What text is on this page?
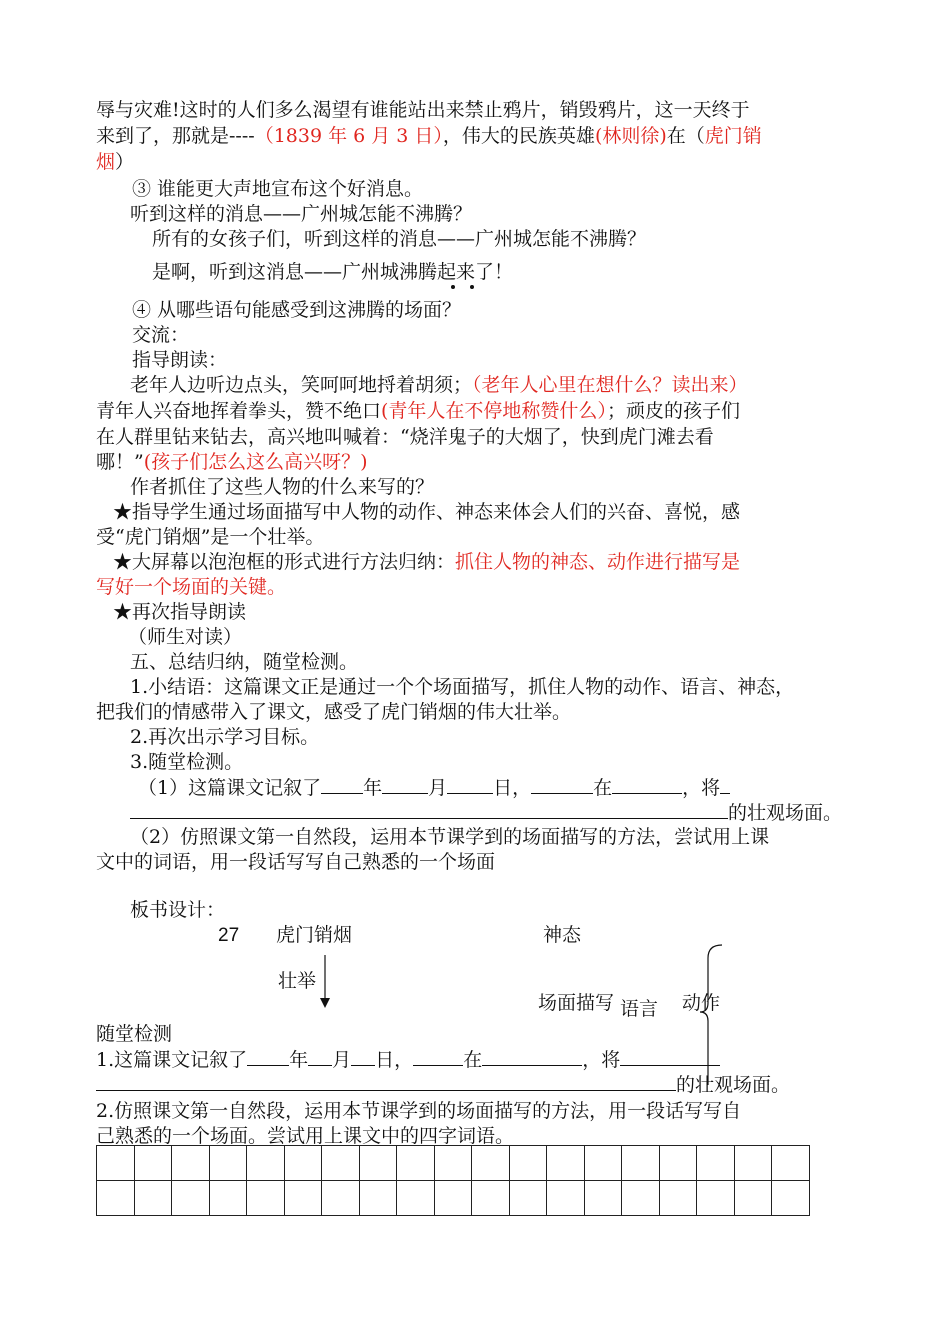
辱与灾难!这时的人们多么渴望有谁能站出来禁止鸦片，销毁鸦片，这一天终于
来到了，那就是----（1839 年 6 月 3 日），伟大的民族英雄(林则徐)在（虎门销
烟）
③ 谁能更大声地宣布这个好消息。
听到这样的消息——广州城怎能不沸腾？
所有的女孩子们，听到这样的消息——广州城怎能不沸腾？
是啊，听到这消息——广州城沸腾起来了！
④ 从哪些语句能感受到这沸腾的场面？
交流：
指导朗读：
老年人边听边点头，笑呵呵地捋着胡须；（老年人心里在想什么？读出来）
青年人兴奋地挥着拳头，赞不绝口(青年人在不停地称赞什么）；顽皮的孩子们
在人群里钻来钻去，高兴地叫喊着：“烧洋鬼子的大烟了，快到虎门滩去看
哪！”(孩子们怎么这么高兴呀？)
作者抓住了这些人物的什么来写的？
★指导学生通过场面描写中人物的动作、神态来体会人们的兴奋、喜悦，感
受“虎门销烟”是一个壮举。
★大屏幕以泡泡框的形式进行方法归纳：抓住人物的神态、动作进行描写是
写好一个场面的关键。
★再次指导朗读
（师生对读）
五、总结归纳，随堂检测。
1.小结语：这篇课文正是通过一个个场面描写，抓住人物的动作、语言、神态，
把我们的情感带入了课文，感受了虎门销烟的伟大壮举。
2.再次出示学习目标。
3.随堂检测。
（1）这篇课文记叙了 年 月 日，	在	，将
的壮观场面。
（2）仿照课文第一自然段，运用本节课学到的场面描写的方法，尝试用上课
文中的词语，用一段话写写自己熟悉的一个场面
板书设计：
27 虎门销烟	神态
壮举
场面描写 语言 动作
随堂检测
1.这篇课文记叙了 年 月 日，	在	，将
的壮观场面。
2.仿照课文第一自然段，运用本节课学到的场面描写的方法，用一段话写写自
己熟悉的一个场面。尝试用上课文中的四字词语。
